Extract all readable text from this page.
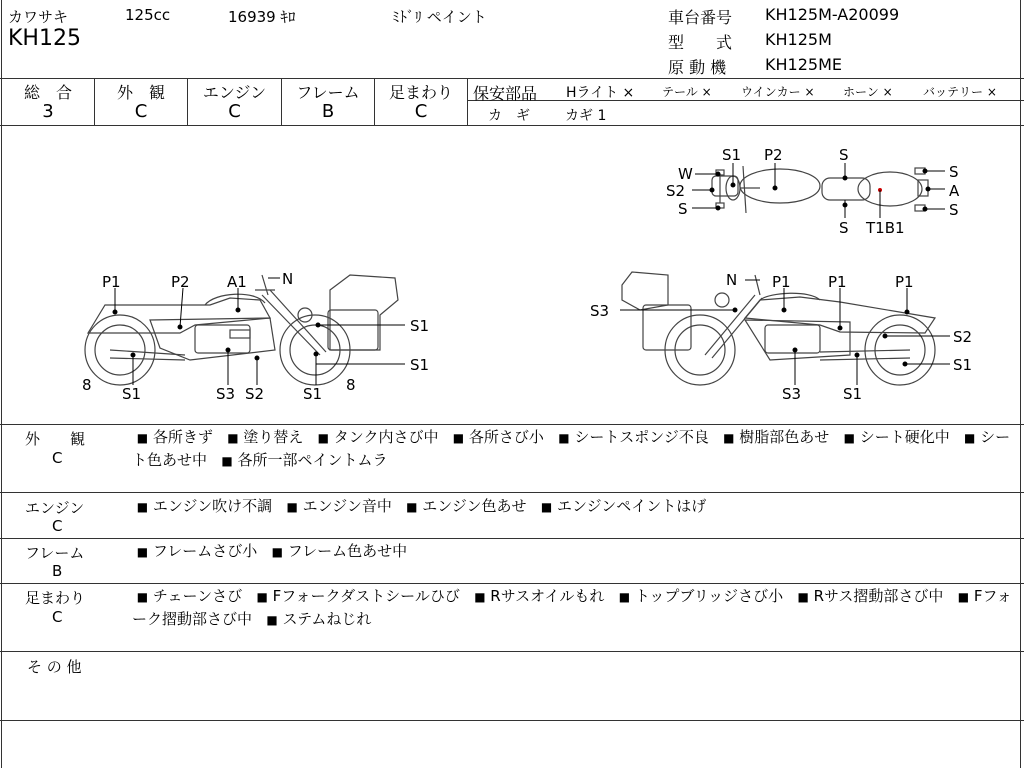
カワサキ	125cc	16939 ｷﾛ	ﾐﾄﾞﾘ ペイント
KH125
車台番号 KH125M-A20099
型　　式 KH125M
原 動 機 KH125ME
総　合
3
外　観
C
エンジン
C
フレーム
B
足まわり
C
保安部品 Hライト × テール × ウインカー × ホーン ×	バッテリー ×
カ　ギ	カギ 1
S1 P2	S
W
S2
S
S
A
S
S T1B1
P1	P2 A1 N
S1
S1
8 S1	S3 S2	S1 8
N P1 P1	P1
S3
S2
S1
S3	S1
外　　観
C
■ 各所きず   ■ 塗り替え   ■ タンク内さび中   ■ 各所さび小   ■ シートスポンジ不良   ■ 樹脂部色あせ   ■ シート硬化中   ■ シート色あせ中   ■ 各所一部ペイントムラ
エンジン
C
■ エンジン吹け不調   ■ エンジン音中   ■ エンジン色あせ   ■ エンジンペイントはげ
フレーム
B
■ フレームさび小   ■ フレーム色あせ中
足まわり
C
■ チェーンさび   ■ Fフォークダストシールひび   ■ Rサスオイルもれ   ■ トップブリッジさび小   ■ Rサス摺動部さび中   ■ Fフォーク摺動部さび中   ■ ステムねじれ
そ の 他
